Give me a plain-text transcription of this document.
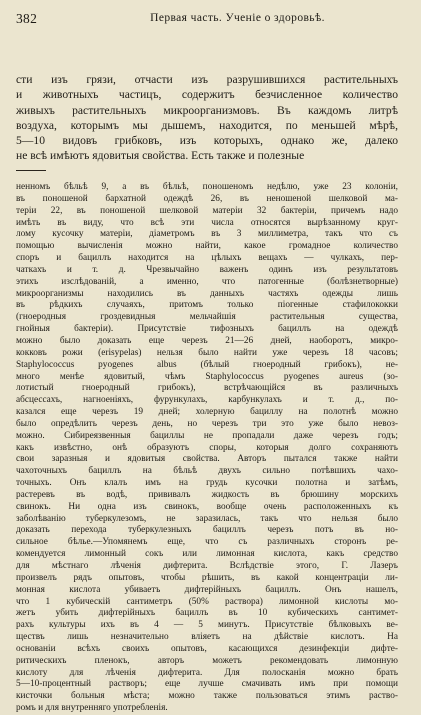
382	Первая часть. Ученiе о здоровьѣ.
сти изъ грязи, отчасти изъ разрушившихся растительныхъ
и животныхъ частицъ, содержитъ безчисленное количество
живыхъ растительныхъ микроорганизмовъ. Въ каждомъ литрѣ
воздуха, которымъ мы дышемъ, находится, по меньшей мѣрѣ,
5—10 видовъ грибковъ, изъ которыхъ, однако же, далеко
не всѣ имѣютъ ядовитыя свойства. Есть также и полезные
ненномъ бѣльѣ 9, а въ бѣльѣ, поношеномъ недѣлю, уже 23 колонiи,
въ поношеной бархатной одеждѣ 26, въ неношеной шелковой ма-
терiи 22, въ поношеной шелковой матерiи 32 бактерiи, причемъ надо
имѣть въ виду, что всѣ эти числа относятся вырѣзанному круг-
лому кусочку матерiи, дiаметромъ въ 3 миллиметра, такъ что съ
помощью вычисленiя можно найти, какое громадное количество
споръ и бациллъ находится на цѣлыхъ вещахъ — чулкахъ, пер-
чаткахъ и т. д. Чрезвычайно важенъ одинъ изъ результатовъ
этихъ изслѣдованiй, а именно, что патогенные (болѣзнетворные)
микроорганизмы находились въ данныхъ частяхъ одежды лишь
въ рѣдкихъ случаяхъ, притомъ только пiогенные стафилококки
(гноеродныя гроздевидныя мельчайшiя растительныя существа,
гнойныя бактерiи). Присутствiе тифозныхъ бациллъ на одеждѣ
можно было доказать еще черезъ 21—26 дней, наоборотъ, микро-
кокковъ рожи (erisypelas) нельзя было найти уже черезъ 18 часовъ;
Staphylococcus pyogenes albus (бѣлый гноеродный грибокъ), не-
много менѣе ядовитый, чѣмъ Staphylococcus pyogenes aureus (зо-
лотистый гноеродный грибокъ), встрѣчающiйся въ различныхъ
абсцессахъ, нагноенiяхъ, фурункулахъ, карбункулахъ и т. д., по-
казался еще черезъ 19 дней; холерную бациллу на полотнѣ можно
было опредѣлить черезъ день, но черезъ три это уже было невоз-
можно. Сибиреязвенныя бациллы не пропадали даже черезъ годъ;
какъ извѣстно, онѣ образуютъ споры, которыя долго сохраняютъ
свои заразныя и ядовитыя свойства. Авторъ пытался также найти
чахоточныхъ бациллъ на бѣльѣ двухъ сильно потѣвшихъ чахо-
точныхъ. Онъ клалъ имъ на грудь кусочки полотна и затѣмъ,
растеревъ въ водѣ, прививалъ жидкость въ брюшину морскихъ
свинокъ. Ни одна изъ свинокъ, вообще очень расположенныхъ къ
заболѣванiю туберкулезомъ, не заразилась, такъ что нельзя было
доказать перехода туберкулезныхъ бациллъ черезъ потъ въ но-
сильное бѣлье.—Упомянемъ еще, что съ различныхъ сторонъ ре-
комендуется лимонный сокъ или лимонная кислота, какъ средство
для мѣстнаго лѣченiя дифтерита. Вслѣдствiе этого, Г. Лазеръ
произвелъ рядъ опытовъ, чтобы рѣшить, въ какой концентрацiи ли-
монная кислота убиваетъ дифтерiйныхъ бациллъ. Онъ нашелъ,
что 1 кубическiй сантиметръ (50% раствора) лимонной кислоты мо-
жетъ убить дифтерiйныхъ бациллъ въ 10 кубическихъ сантимет-
рахъ культуры ихъ въ 4 — 5 минутъ. Присутствiе бѣлковыхъ ве-
ществъ лишь незначительно влiяетъ на дѣйствiе кислотъ. На
основанiи всѣхъ своихъ опытовъ, касающихся дезинфекцiи дифте-
ритическихъ пленокъ, авторъ можетъ рекомендовать лимонную
кислоту для лѣченiя дифтерита. Для полосканiя можно брать
5—10-процентный растворъ; еще лучше смачивать имъ при помощи
кисточки больныя мѣста; можно также пользоваться этимъ раство-
ромъ и для внутренняго употребленiя.
